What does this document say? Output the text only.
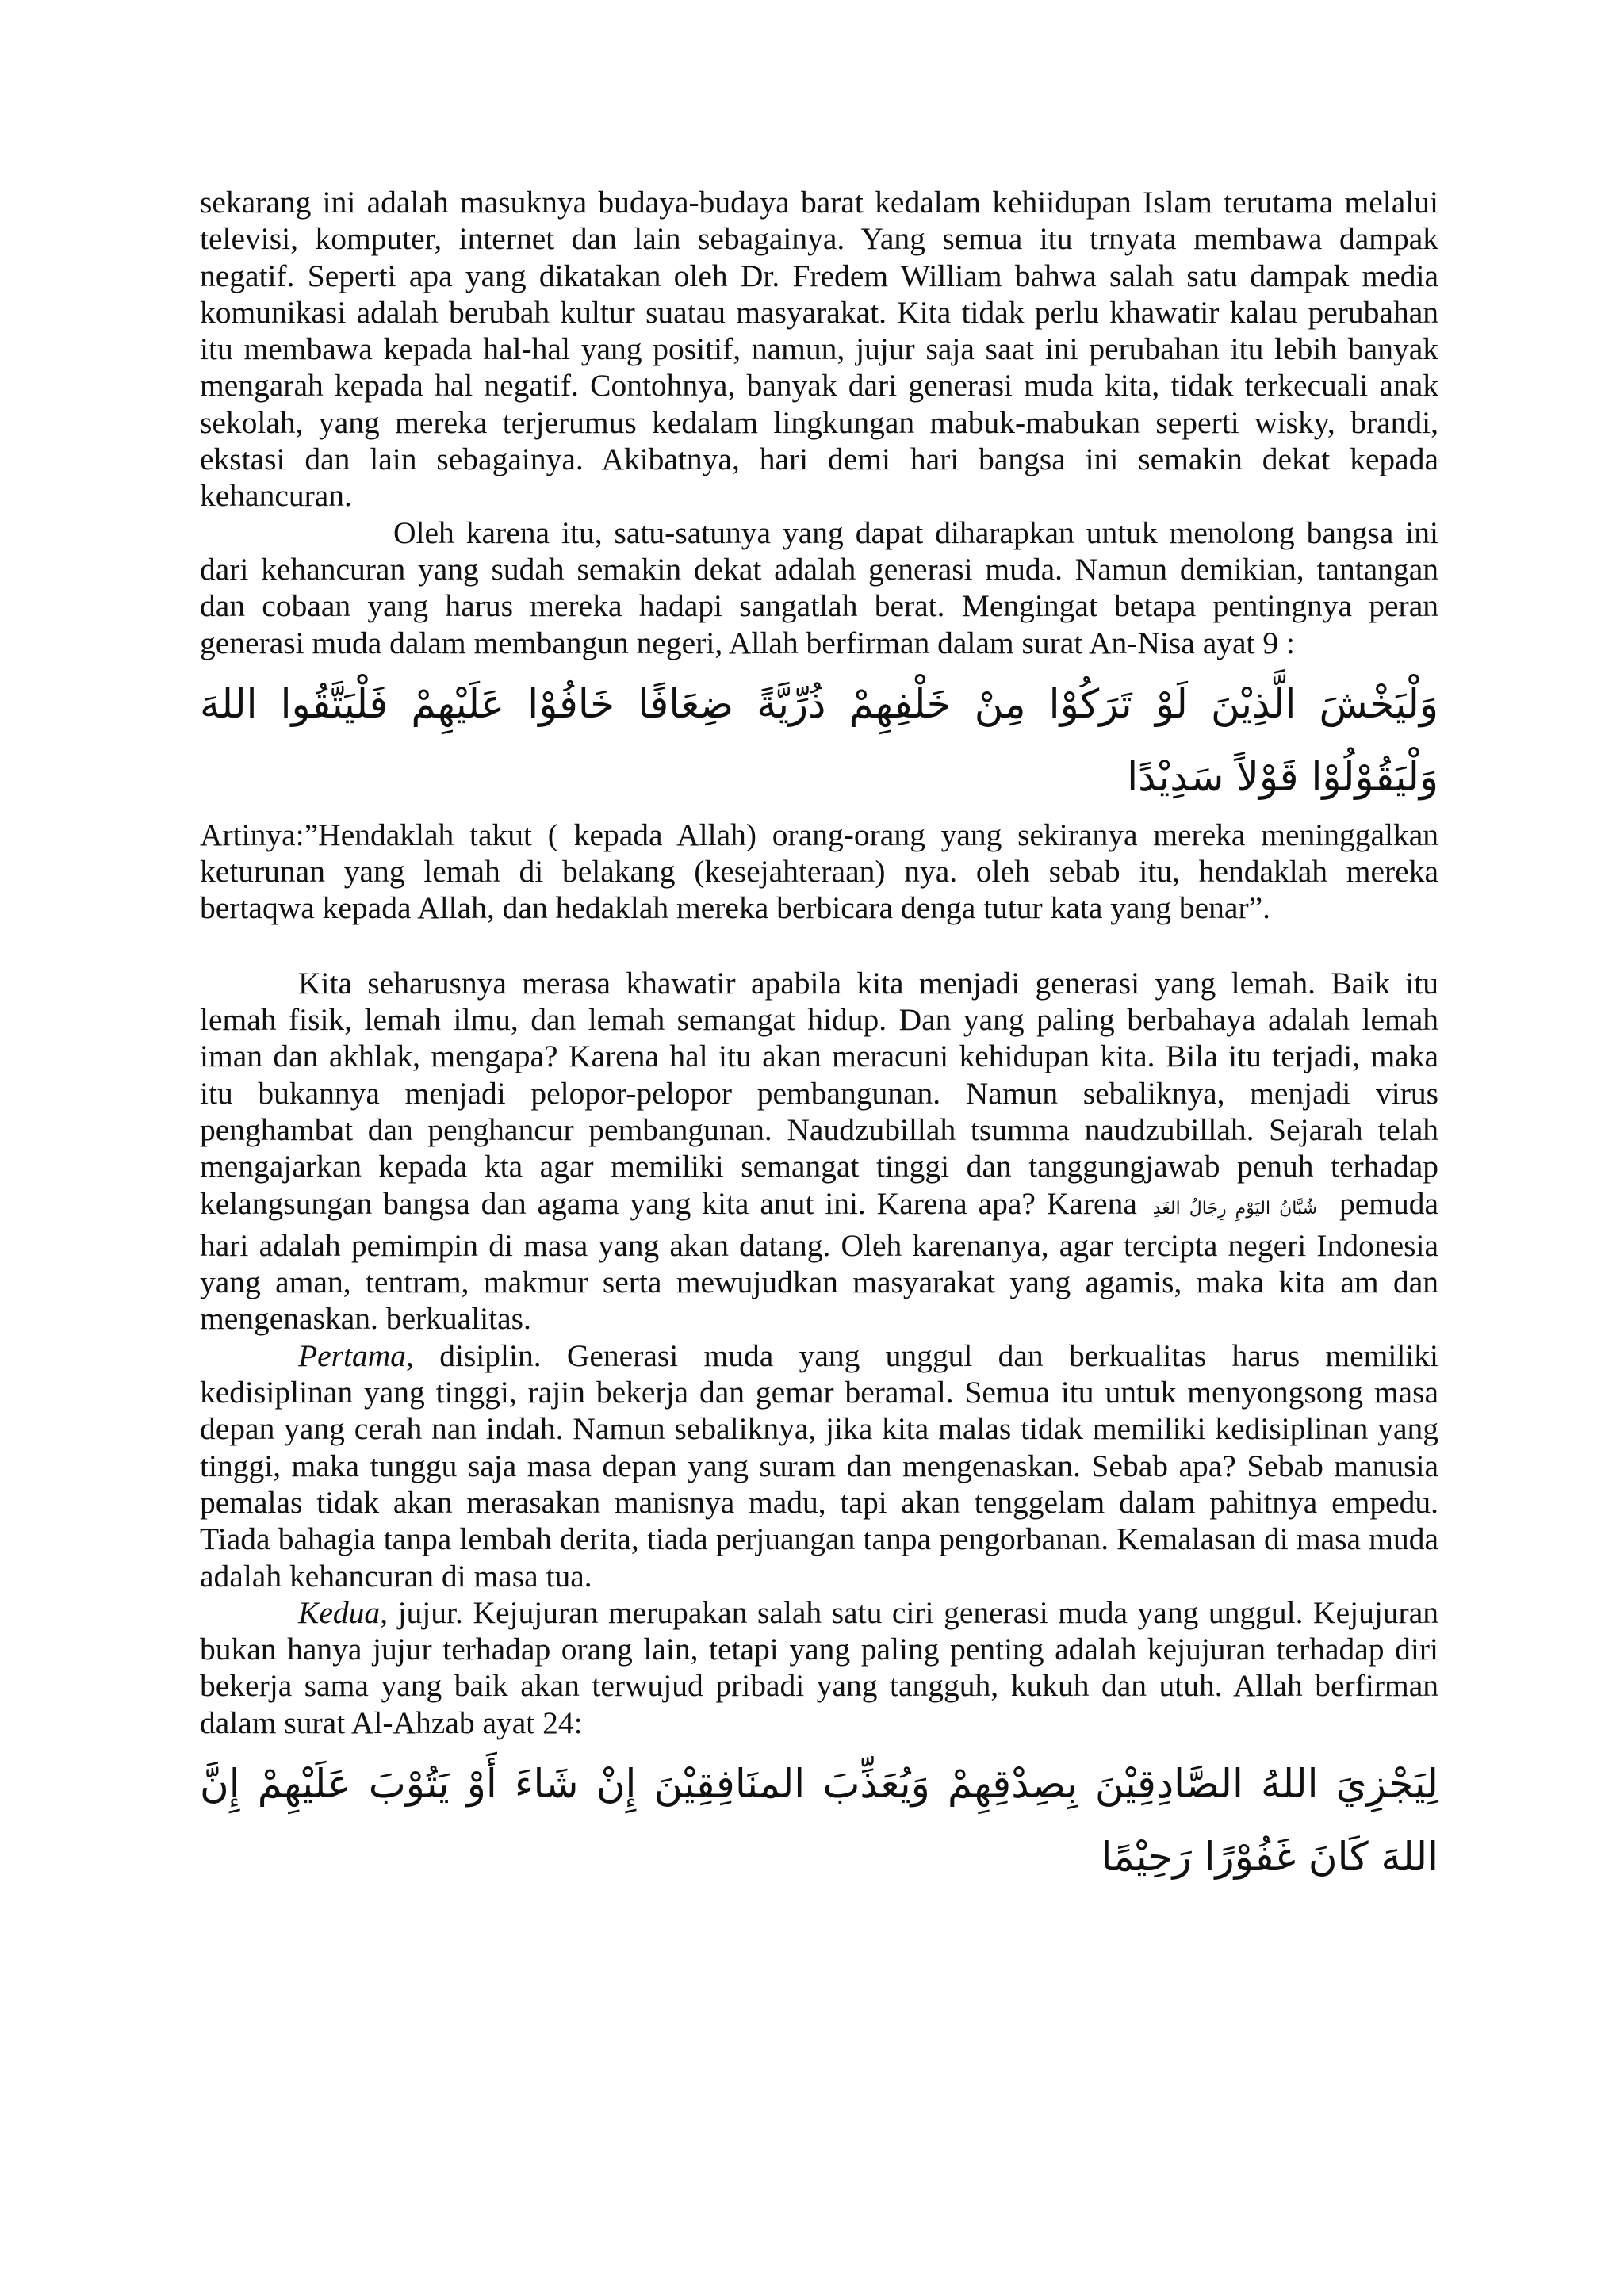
sekarang ini adalah masuknya budaya-budaya barat kedalam kehiidupan Islam terutama melalui televisi, komputer, internet dan lain sebagainya. Yang semua itu trnyata membawa dampak negatif. Seperti apa yang dikatakan oleh Dr. Fredem William bahwa salah satu dampak media komunikasi adalah berubah kultur suatau masyarakat. Kita tidak perlu khawatir kalau perubahan itu membawa kepada hal-hal yang positif, namun, jujur saja saat ini perubahan itu lebih banyak mengarah kepada hal negatif. Contohnya, banyak dari generasi muda kita, tidak terkecuali anak sekolah, yang mereka terjerumus kedalam lingkungan mabuk-mabukan seperti wisky, brandi, ekstasi dan lain sebagainya. Akibatnya, hari demi hari bangsa ini semakin dekat kepada kehancuran.

Oleh karena itu, satu-satunya yang dapat diharapkan untuk menolong bangsa ini dari kehancuran yang sudah semakin dekat adalah generasi muda. Namun demikian, tantangan dan cobaan yang harus mereka hadapi sangatlah berat. Mengingat betapa pentingnya peran generasi muda dalam membangun negeri, Allah berfirman dalam surat An-Nisa ayat 9 :

وَلْيَخْشَ الَّذِيْنَ لَوْ تَرَكُوْا مِنْ خَلْفِهِمْ ذُرِّيَّةً ضِعَافًا خَافُوْا عَلَيْهِمْ فَلْيَتَّقُوا اللهَ وَلْيَقُوْلُوْا قَوْلاً سَدِيْدًا

Artinya:”Hendaklah takut ( kepada Allah) orang-orang yang sekiranya mereka meninggalkan keturunan yang lemah di belakang (kesejahteraan) nya. oleh sebab itu, hendaklah mereka bertaqwa kepada Allah, dan hedaklah mereka berbicara denga tutur kata yang benar”.

Kita seharusnya merasa khawatir apabila kita menjadi generasi yang lemah. Baik itu lemah fisik, lemah ilmu, dan lemah semangat hidup. Dan yang paling berbahaya adalah lemah iman dan akhlak, mengapa? Karena hal itu akan meracuni kehidupan kita. Bila itu terjadi, maka itu bukannya menjadi pelopor-pelopor pembangunan. Namun sebaliknya, menjadi virus penghambat dan penghancur pembangunan. Naudzubillah tsumma naudzubillah. Sejarah telah mengajarkan kepada kta agar memiliki semangat tinggi dan tanggungjawab penuh terhadap kelangsungan bangsa dan agama yang kita anut ini. Karena apa? Karena شُبَّانُ اليَوْمِ رِجَالُ الغَدِ pemuda hari adalah pemimpin di masa yang akan datang. Oleh karenanya, agar tercipta negeri Indonesia yang aman, tentram, makmur serta mewujudkan masyarakat yang agamis, maka kita am dan mengenaskan. berkualitas.

Pertama, disiplin. Generasi muda yang unggul dan berkualitas harus memiliki kedisiplinan yang tinggi, rajin bekerja dan gemar beramal. Semua itu untuk menyongsong masa depan yang cerah nan indah. Namun sebaliknya, jika kita malas tidak memiliki kedisiplinan yang tinggi, maka tunggu saja masa depan yang suram dan mengenaskan. Sebab apa? Sebab manusia pemalas tidak akan merasakan manisnya madu, tapi akan tenggelam dalam pahitnya empedu. Tiada bahagia tanpa lembah derita, tiada perjuangan tanpa pengorbanan. Kemalasan di masa muda adalah kehancuran di masa tua.

Kedua, jujur. Kejujuran merupakan salah satu ciri generasi muda yang unggul. Kejujuran bukan hanya jujur terhadap orang lain, tetapi yang paling penting adalah kejujuran terhadap diri bekerja sama yang baik akan terwujud pribadi yang tangguh, kukuh dan utuh. Allah berfirman dalam surat Al-Ahzab ayat 24:

لِيَجْزِيَ اللهُ الصَّادِقِيْنَ بِصِدْقِهِمْ وَيُعَذِّبَ المنَافِقِيْنَ إِنْ شَاءَ أَوْ يَتُوْبَ عَلَيْهِمْ إِنَّ اللهَ كَانَ غَفُوْرًا رَحِيْمًا
